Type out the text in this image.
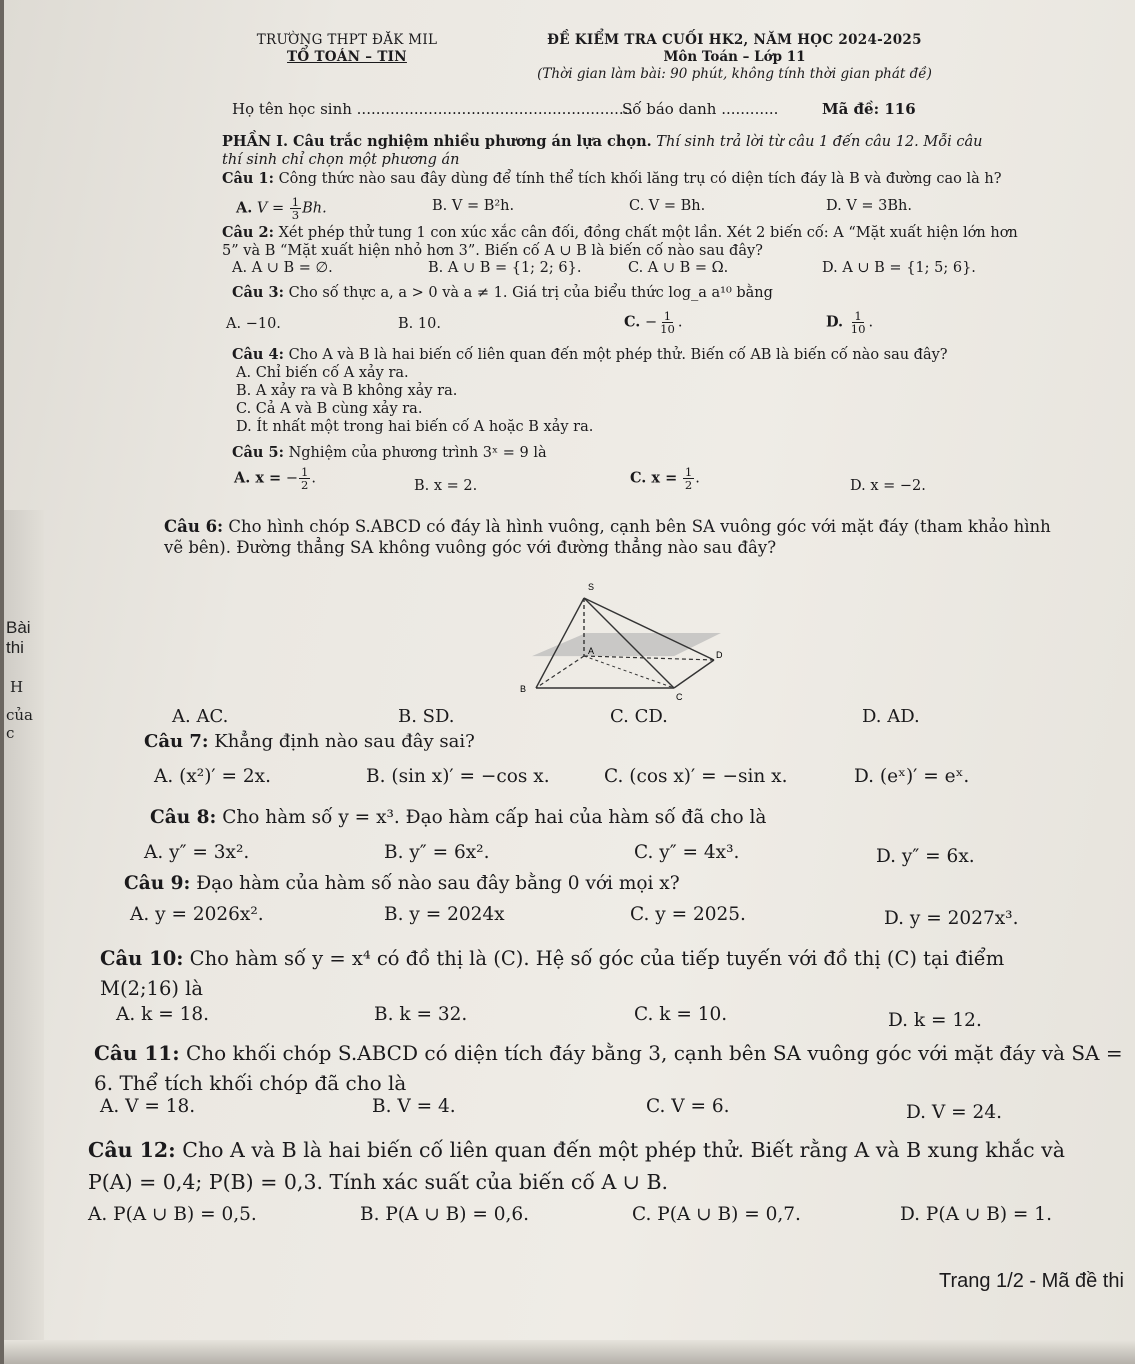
Bài thi
H
của c
TRƯỜNG THPT ĐĂK MIL
TỔ TOÁN – TIN
ĐỀ KIỂM TRA CUỐI HK2, NĂM HỌC 2024-2025
Môn Toán – Lớp 11
(Thời gian làm bài: 90 phút, không tính thời gian phát đề)
Họ tên học sinh ..........................................................
Số báo danh ............	Mã đề: 116
PHẦN I. Câu trắc nghiệm nhiều phương án lựa chọn. Thí sinh trả lời từ câu 1 đến câu 12. Mỗi câu thí sinh chỉ chọn một phương án
Câu 1: Công thức nào sau đây dùng để tính thể tích khối lăng trụ có diện tích đáy là B và đường cao là h?
A. $V = \frac{1}{3} Bh$.	B. V = B²h.	C. V = Bh.	D. V = 3Bh.
Câu 2: Xét phép thử tung 1 con xúc xắc cân đối, đồng chất một lần. Xét 2 biến cố: A “Mặt xuất hiện lớn hơn 5” và B “Mặt xuất hiện nhỏ hơn 3”. Biến cố A ∪ B là biến cố nào sau đây?
A. A ∪ B = ∅.	B. A ∪ B = {1; 2; 6}.	C. A ∪ B = Ω.	D. A ∪ B = {1; 5; 6}.
Câu 3: Cho số thực a, a > 0 và a ≠ 1. Giá trị của biểu thức log_a a¹⁰ bằng
A. −10.	B. 10.	C. − $\frac{1}{10}$ .	D. $\frac{1}{10}$ .
Câu 4: Cho A và B là hai biến cố liên quan đến một phép thử. Biến cố AB là biến cố nào sau đây?
A. Chỉ biến cố A xảy ra.
B. A xảy ra và B không xảy ra.
C. Cả A và B cùng xảy ra.
D. Ít nhất một trong hai biến cố A hoặc B xảy ra.
Câu 5: Nghiệm của phương trình 3ˣ = 9 là
A. x = − $\frac{1}{2}$ .	B. x = 2.	C. $x = \frac{1}{2}$ .	D. x = −2.
Câu 6: Cho hình chóp S.ABCD có đáy là hình vuông, cạnh bên SA vuông góc với mặt đáy (tham khảo hình vẽ bên). Đường thẳng SA không vuông góc với đường thẳng nào sau đây?
S
A	D
B
C
A. AC.	B. SD.	C. CD.	D. AD.
Câu 7: Khẳng định nào sau đây sai?
A. (x²)′ = 2x.	B. (sin x)′ = −cos x.	C. (cos x)′ = −sin x.	D. (eˣ)′ = eˣ.
Câu 8: Cho hàm số y = x³. Đạo hàm cấp hai của hàm số đã cho là
A. y″ = 3x².	B. y″ = 6x².	C. y″ = 4x³.	D. y″ = 6x.
Câu 9: Đạo hàm của hàm số nào sau đây bằng 0 với mọi x?
A. y = 2026x².	B. y = 2024x	C. y = 2025.	D. y = 2027x³.
Câu 10: Cho hàm số y = x⁴ có đồ thị là (C). Hệ số góc của tiếp tuyến với đồ thị (C) tại điểm M(2;16) là
A. k = 18.	B. k = 32.	C. k = 10.	D. k = 12.
Câu 11: Cho khối chóp S.ABCD có diện tích đáy bằng 3, cạnh bên SA vuông góc với mặt đáy và SA = 6. Thể tích khối chóp đã cho là
A. V = 18.	B. V = 4.	C. V = 6.	D. V = 24.
Câu 12: Cho A và B là hai biến cố liên quan đến một phép thử. Biết rằng A và B xung khắc và P(A) = 0,4; P(B) = 0,3. Tính xác suất của biến cố A ∪ B.
A. P(A ∪ B) = 0,5.	B. P(A ∪ B) = 0,6.	C. P(A ∪ B) = 0,7.	D. P(A ∪ B) = 1.
Trang 1/2 - Mã đề thi
